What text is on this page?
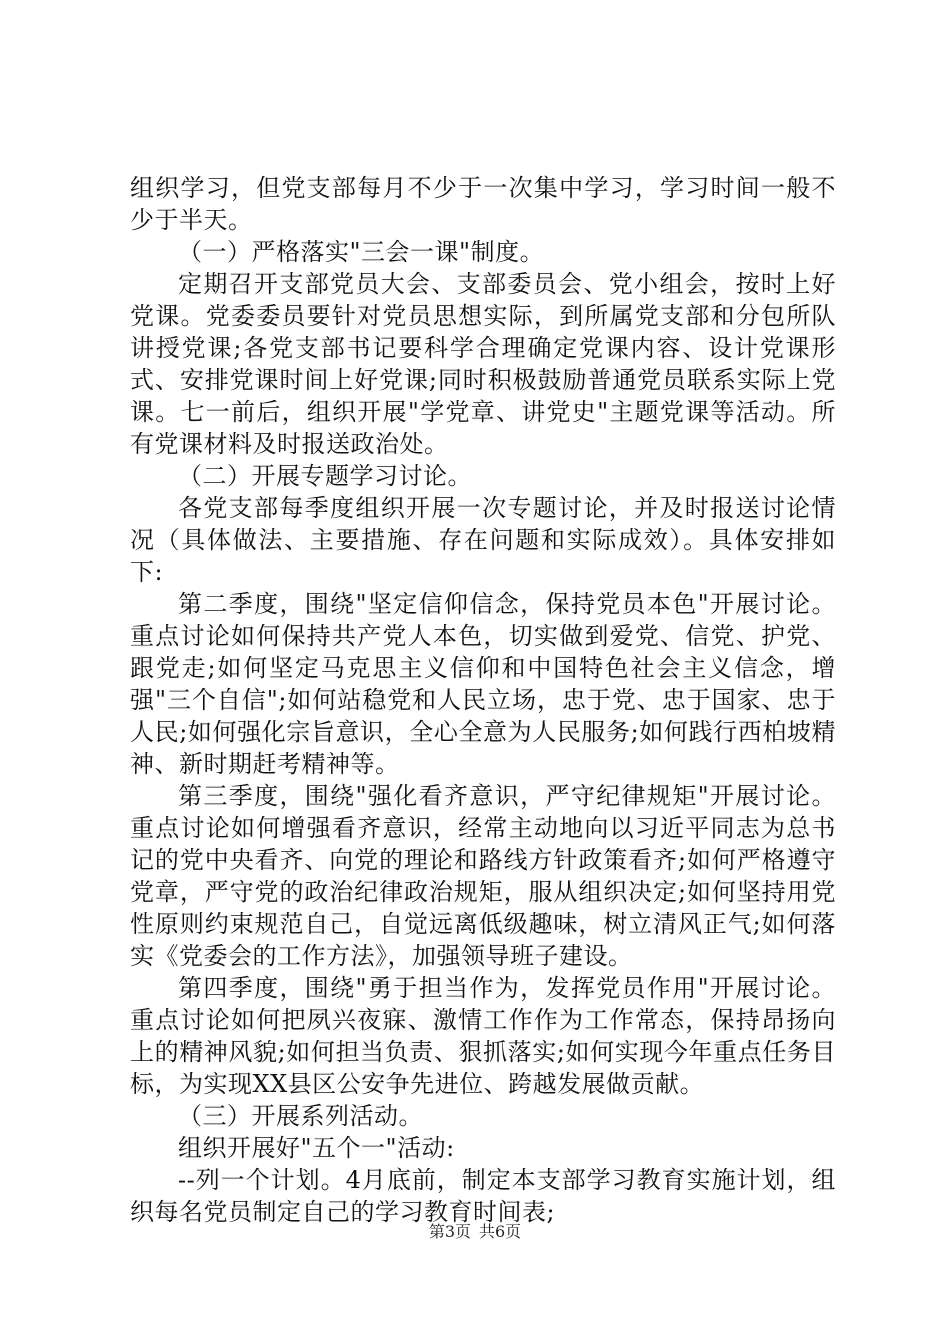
组织学习，但党支部每月不少于一次集中学习，学习时间一般不少于半天。

（一）严格落实"三会一课"制度。

定期召开支部党员大会、支部委员会、党小组会，按时上好党课。党委委员要针对党员思想实际，到所属党支部和分包所队讲授党课;各党支部书记要科学合理确定党课内容、设计党课形式、安排党课时间上好党课;同时积极鼓励普通党员联系实际上党课。七一前后，组织开展"学党章、讲党史"主题党课等活动。所有党课材料及时报送政治处。

（二）开展专题学习讨论。

各党支部每季度组织开展一次专题讨论，并及时报送讨论情况（具体做法、主要措施、存在问题和实际成效）。具体安排如下:

第二季度，围绕"坚定信仰信念，保持党员本色"开展讨论。重点讨论如何保持共产党人本色，切实做到爱党、信党、护党、跟党走;如何坚定马克思主义信仰和中国特色社会主义信念，增强"三个自信";如何站稳党和人民立场，忠于党、忠于国家、忠于人民;如何强化宗旨意识，全心全意为人民服务;如何践行西柏坡精神、新时期赶考精神等。

第三季度，围绕"强化看齐意识，严守纪律规矩"开展讨论。重点讨论如何增强看齐意识，经常主动地向以习近平同志为总书记的党中央看齐、向党的理论和路线方针政策看齐;如何严格遵守党章，严守党的政治纪律政治规矩，服从组织决定;如何坚持用党性原则约束规范自己，自觉远离低级趣味，树立清风正气;如何落实《党委会的工作方法》，加强领导班子建设。

第四季度，围绕"勇于担当作为，发挥党员作用"开展讨论。重点讨论如何把夙兴夜寐、激情工作作为工作常态，保持昂扬向上的精神风貌;如何担当负责、狠抓落实;如何实现今年重点任务目标，为实现XX县区公安争先进位、跨越发展做贡献。

（三）开展系列活动。

组织开展好"五个一"活动:

--列一个计划。4月底前，制定本支部学习教育实施计划，组织每名党员制定自己的学习教育时间表;

第3页 共6页
